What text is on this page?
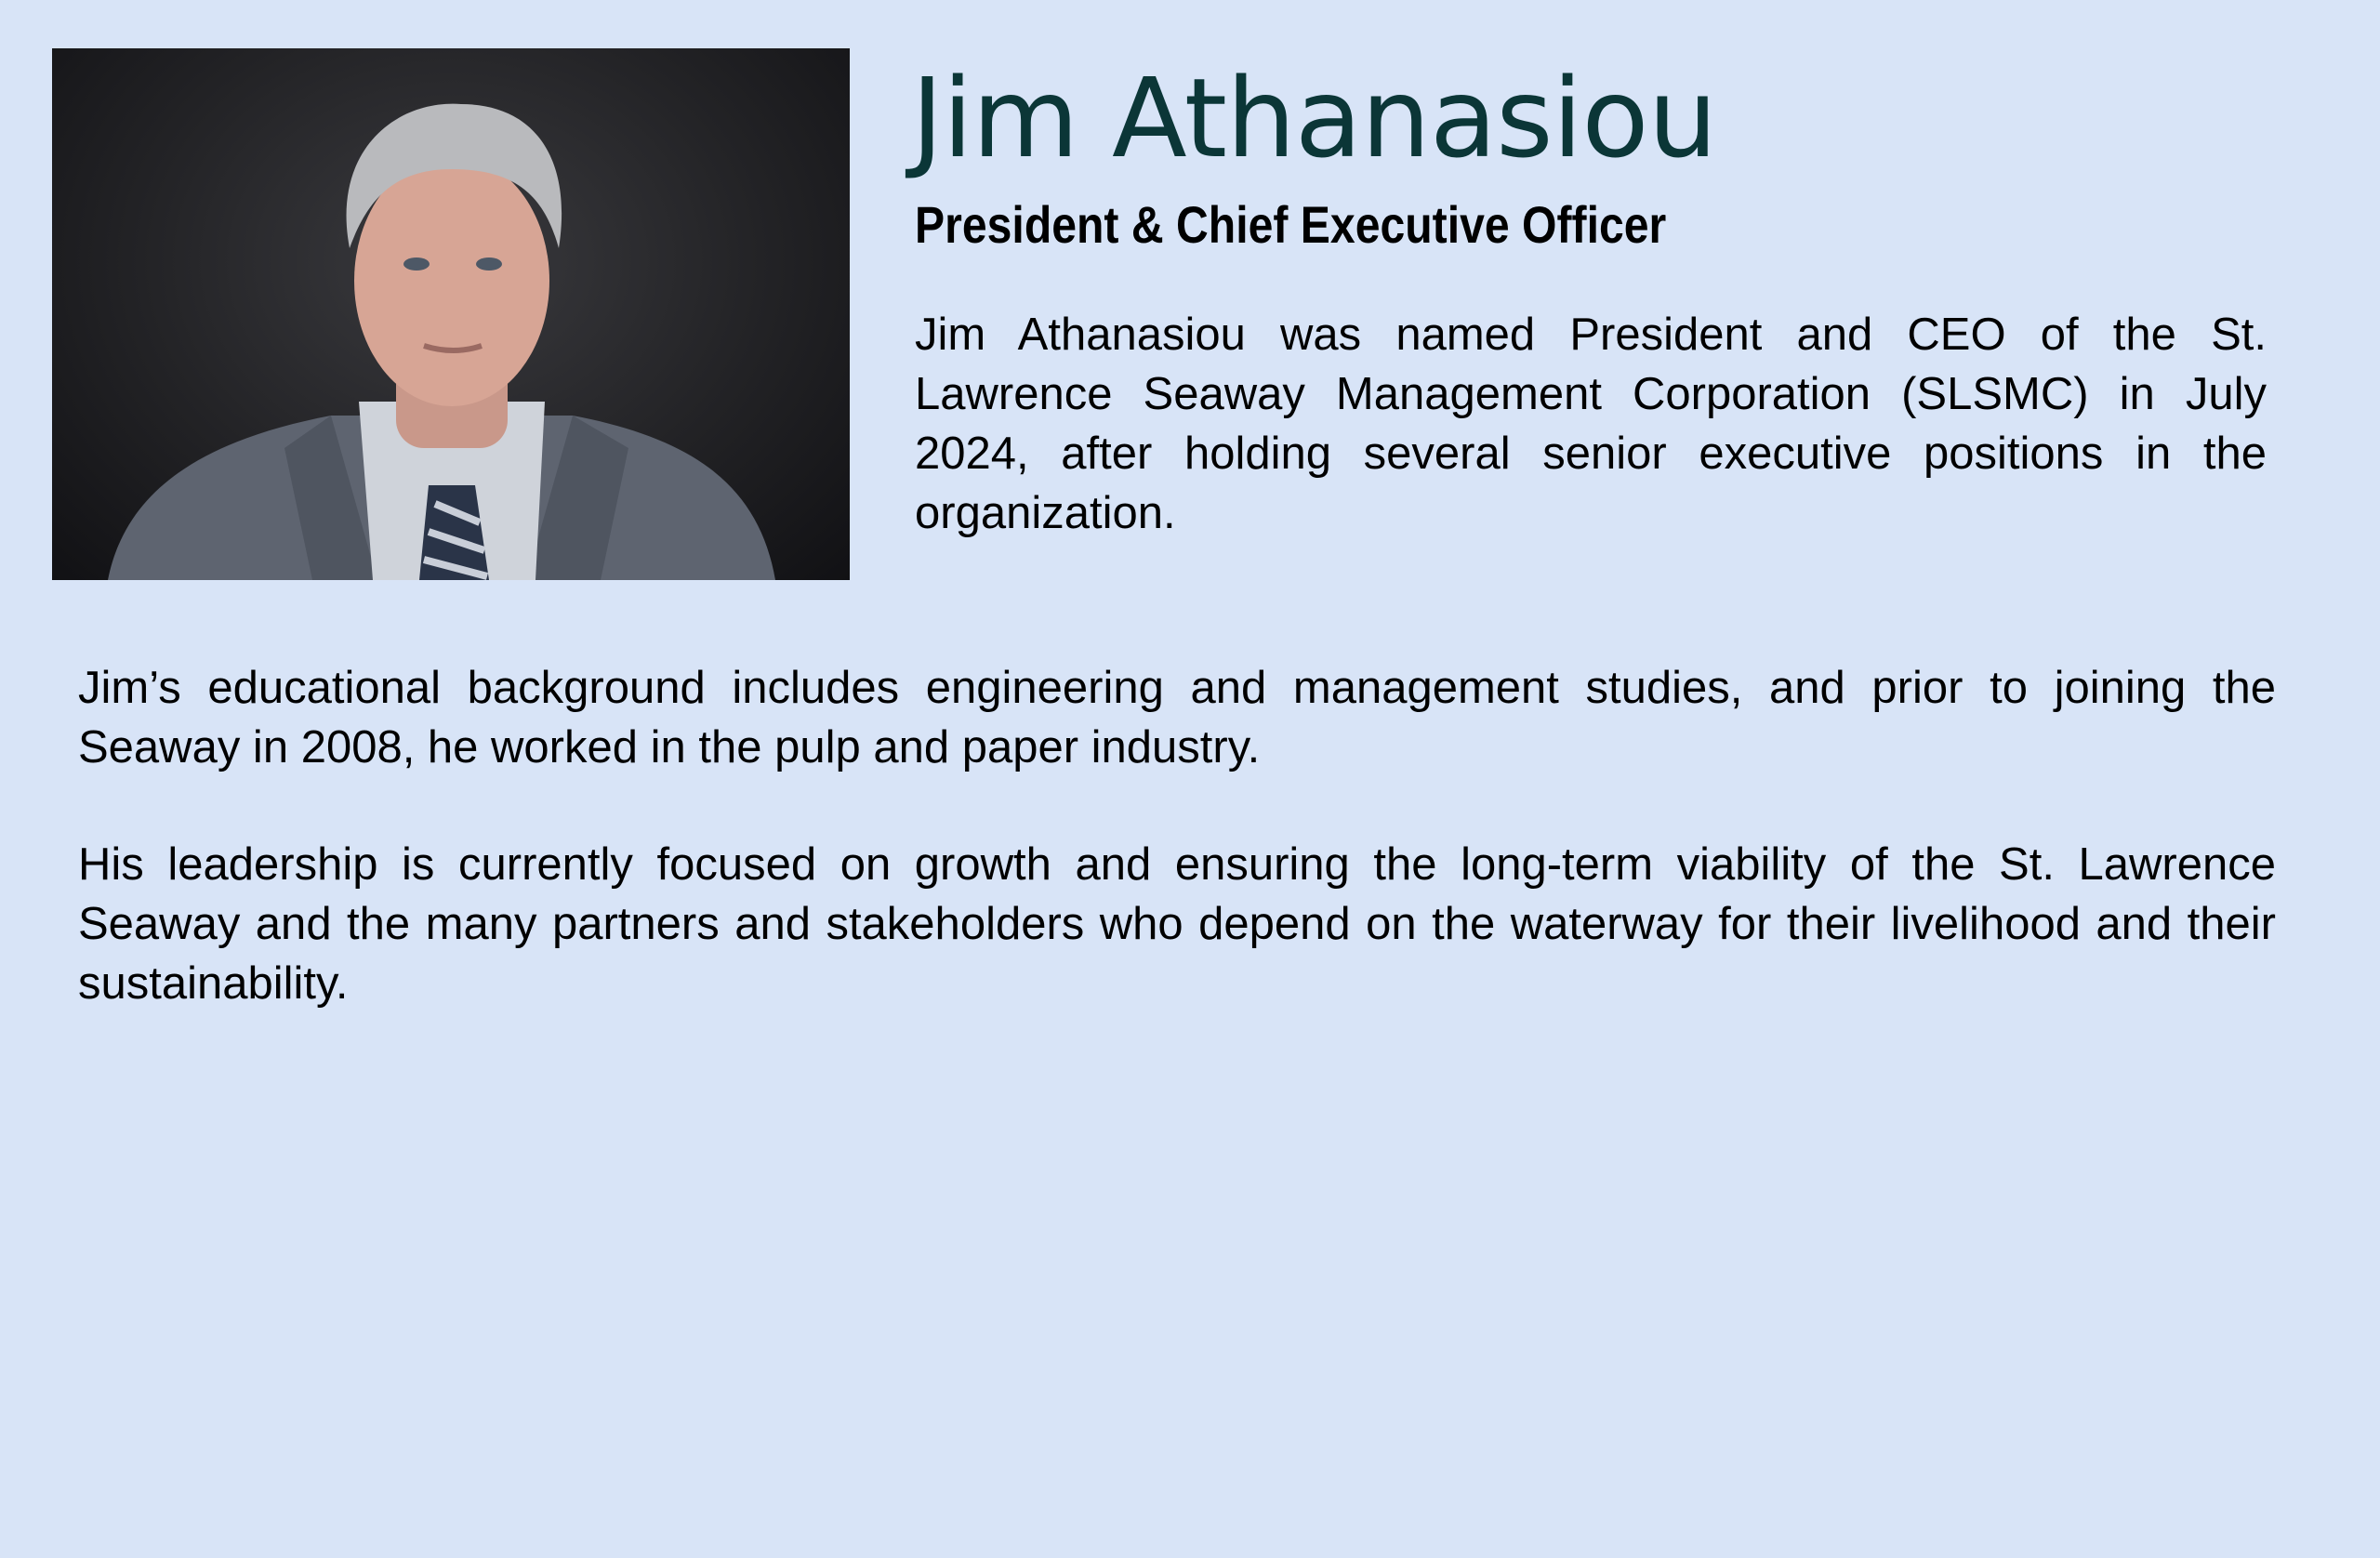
Jim Athanasiou
President & Chief Executive Officer

Jim Athanasiou was named President and CEO of the St. Lawrence Seaway Management Corporation (SLSMC) in July 2024, after holding several senior executive positions in the organization.

Jim’s educational background includes engineering and management studies, and prior to joining the Seaway in 2008, he worked in the pulp and paper industry.

His leadership is currently focused on growth and ensuring the long-term viability of the St. Lawrence Seaway and the many partners and stakeholders who depend on the waterway for their livelihood and their sustainability.
